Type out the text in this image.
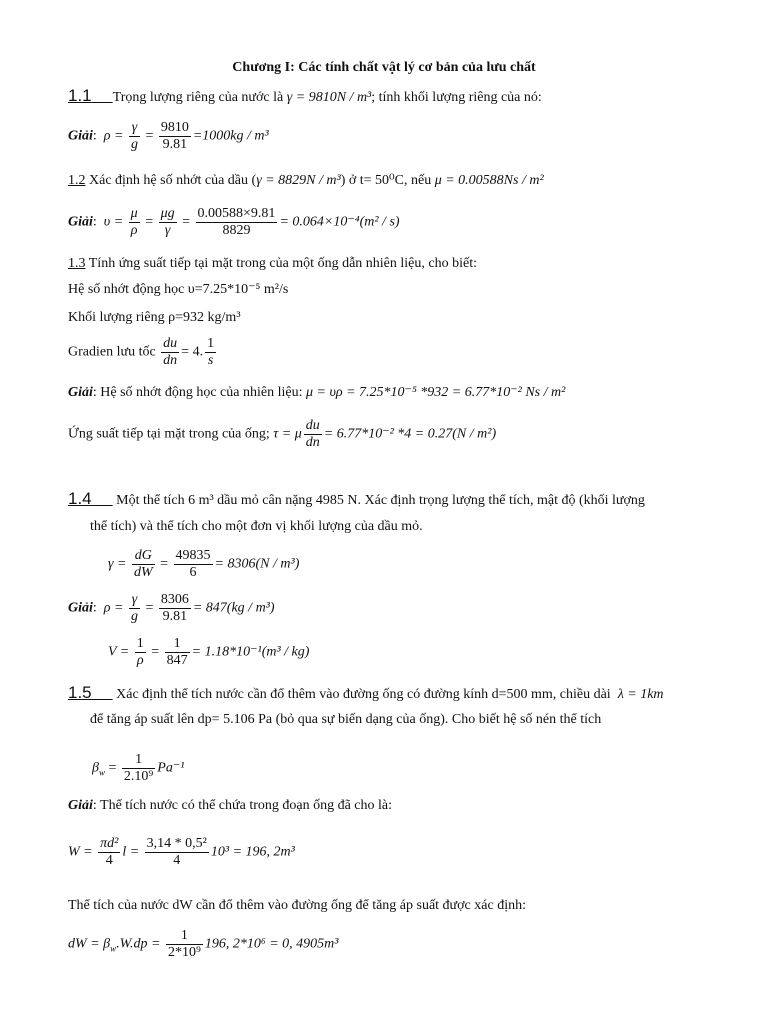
Chương I: Các tính chất vật lý cơ bản của lưu chất
1.1 Trọng lượng riêng của nước là γ = 9810N / m³; tính khối lượng riêng của nó:
Giải:  $\rho = \frac{\gamma}{g} = \frac{9810}{9.81} =1000kg / m^3$
1.2 Xác định hệ số nhớt của dầu (γ = 8829N / m³) ở t= 50⁰C, nếu μ = 0.00588Ns / m²
Giải:  $\upsilon = \frac{\mu}{\rho} = \frac{\mu g}{\gamma} = \frac{0.00588\times 9.81}{8829} = 0.064\times 10^{-4}(m^2 / s)$
1.3 Tính ứng suất tiếp tại mặt trong của một ống dẫn nhiên liệu, cho biết:
Hệ số nhớt động học υ=7.25*10⁻⁵ m²/s
Khối lượng riêng ρ=932 kg/m³
Gradien lưu tốc $\frac{du}{dn} = 4$. $\frac{1}{s}$
Giải: Hệ số nhớt động học của nhiên liệu: μ = υρ = 7.25*10⁻⁵ *932 = 6.77*10⁻² Ns / m²
Ứng suất tiếp tại mặt trong của ống; τ = μ $\frac{du}{dn} = 6.77*10^{-2}$ *4 = 0.27(N / m²)
1.4 Một thể tích 6 m³ dầu mỏ cân nặng 4985 N. Xác định trọng lượng thể tích, mật độ (khối lượng
thể tích) và thể tích cho một đơn vị khối lượng của dầu mỏ.
$\gamma = \frac{dG}{dW} = \frac{49835}{6} = 8306(N / m^3)$
Giải:  $\rho = \frac{\gamma}{g} = \frac{8306}{9.81} = 847(kg / m^3)$
$V = \frac{1}{\rho} = \frac{1}{847} = 1.18*10^{-1}(m^3 / kg)$
1.5 Xác định thể tích nước cần đổ thêm vào đường ống có đường kính d=500 mm, chiều dài λ = 1km
để tăng áp suất lên dp= 5.106 Pa (bỏ qua sự biến dạng của ống). Cho biết hệ số nén thể tích
$\beta_w = \frac{1}{\text{2.10⁹}} Pa^{-1}$
Giải: Thể tích nước có thể chứa trong đoạn ống đã cho là:
$W = \frac{\text{πd²}}{4}$ $l = \frac{\text{3,14 * 0,5²}}{4} 10^3 = 196$, 2m³
Thể tích của nước dW cần đổ thêm vào đường ống để tăng áp suất được xác định:
dW = $\beta_w.W.dp = \frac{1}{\text{2*10⁹}} 196$, 2*10⁶ = 0, 4905m³
